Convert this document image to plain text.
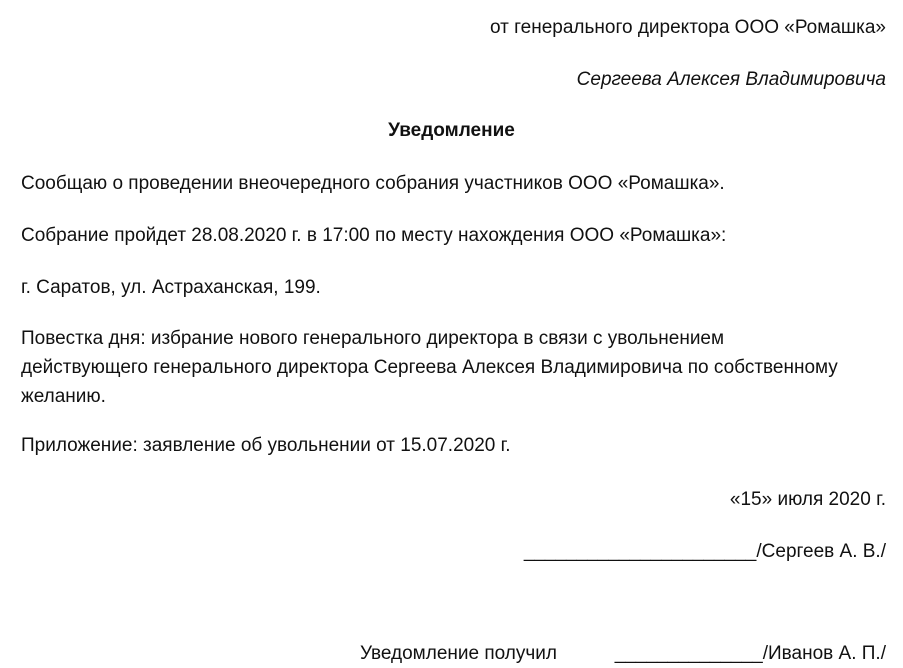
от генерального директора ООО «Ромашка»

Сергеева Алексея Владимировича

Уведомление

Сообщаю о проведении внеочередного собрания участников ООО «Ромашка».

Собрание пройдет 28.08.2020 г. в 17:00 по месту нахождения ООО «Ромашка»:

г. Саратов, ул. Астраханская, 199.

Повестка дня: избрание нового генерального директора в связи с увольнением действующего генерального директора Сергеева Алексея Владимировича по собственному желанию.

Приложение: заявление об увольнении от 15.07.2020 г.

«15» июля 2020 г.

______________________/Сергеев А. В./

Уведомление получил	______________/Иванов А. П./
